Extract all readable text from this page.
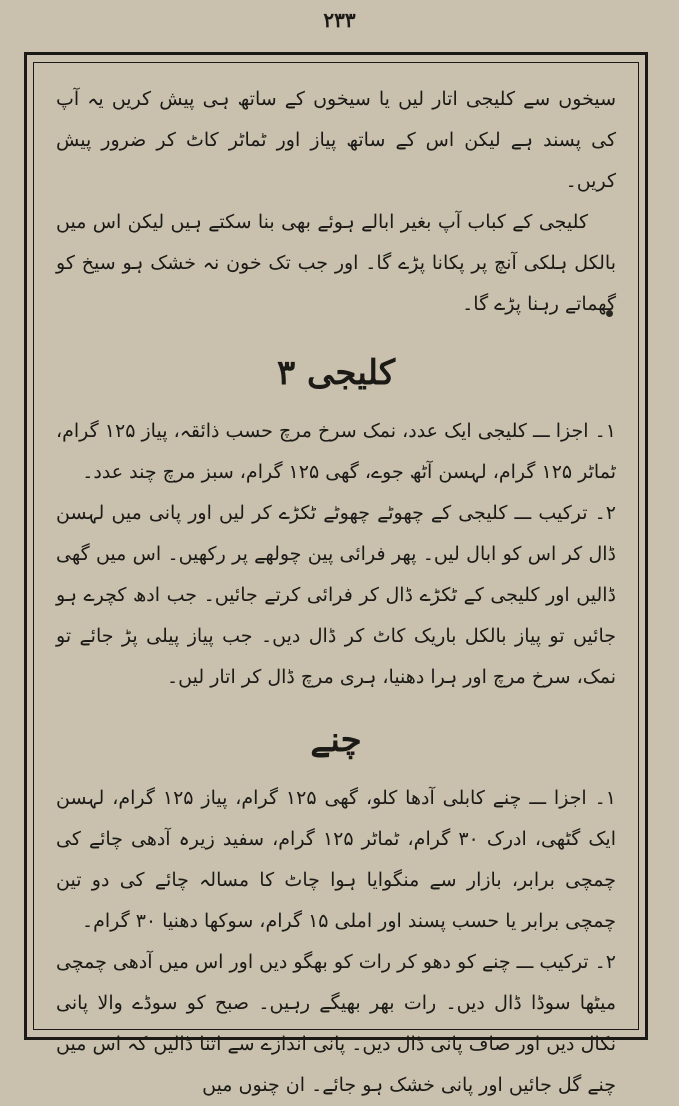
۲۳۳

سیخوں سے کلیجی اتار لیں یا سیخوں کے ساتھ ہی پیش کریں یہ آپ کی پسند ہے لیکن اس کے ساتھ پیاز اور ٹماٹر کاٹ کر ضرور پیش کریں۔

کلیجی کے کباب آپ بغیر ابالے ہوئے بھی بنا سکتے ہیں لیکن اس میں بالکل ہلکی آنچ پر پکانا پڑے گا۔ اور جب تک خون نہ خشک ہو سیخ کو گھماتے رہنا پڑے گا۔

کلیجی ۳

۱۔ اجزا ـــ کلیجی ایک عدد، نمک سرخ مرچ حسب ذائقہ، پیاز ۱۲۵ گرام، ٹماٹر ۱۲۵ گرام، لہسن آٹھ جوے، گھی ۱۲۵ گرام، سبز مرچ چند عدد۔

۲۔ ترکیب ـــ کلیجی کے چھوٹے چھوٹے ٹکڑے کر لیں اور پانی میں لہسن ڈال کر اس کو ابال لیں۔ پھر فرائی پین چولھے پر رکھیں۔ اس میں گھی ڈالیں اور کلیجی کے ٹکڑے ڈال کر فرائی کرتے جائیں۔ جب ادھ کچرے ہو جائیں تو پیاز بالکل باریک کاٹ کر ڈال دیں۔ جب پیاز پیلی پڑ جائے تو نمک، سرخ مرچ اور ہرا دھنیا، ہری مرچ ڈال کر اتار لیں۔

چنے

۱۔ اجزا ـــ چنے کابلی آدھا کلو، گھی ۱۲۵ گرام، پیاز ۱۲۵ گرام، لہسن ایک گٹھی، ادرک ۳۰ گرام، ٹماٹر ۱۲۵ گرام، سفید زیرہ آدھی چائے کی چمچی برابر، بازار سے منگوایا ہوا چاٹ کا مسالہ چائے کی دو تین چمچی برابر یا حسب پسند اور املی ۱۵ گرام، سوکھا دھنیا ۳۰ گرام۔

۲۔ ترکیب ـــ چنے کو دھو کر رات کو بھگو دیں اور اس میں آدھی چمچی میٹھا سوڈا ڈال دیں۔ رات بھر بھیگے رہیں۔ صبح کو سوڈے والا پانی نکال دیں اور صاف پانی ڈال دیں۔ پانی اندازے سے اتنا ڈالیں کہ اس میں چنے گل جائیں اور پانی خشک ہو جائے۔ ان چنوں میں
